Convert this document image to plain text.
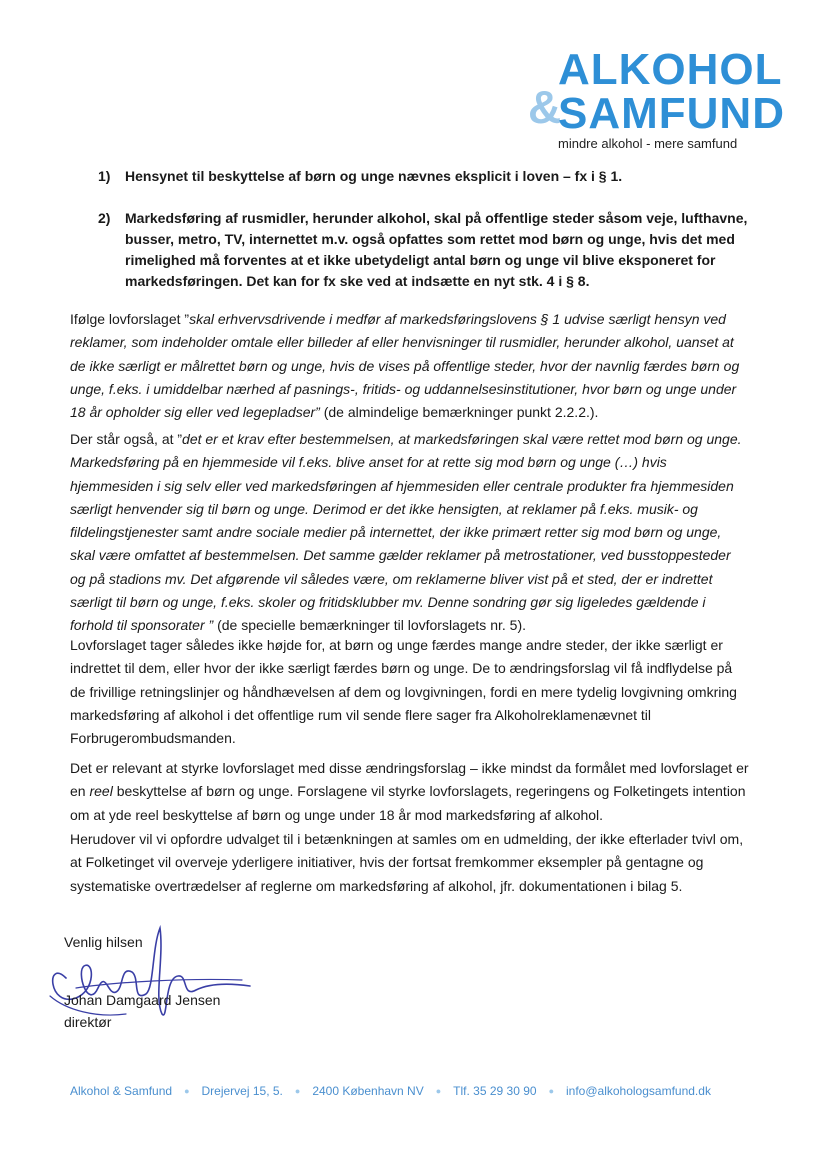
ALKOHOL
&
SAMFUND
mindre alkohol - mere samfund
1) Hensynet til beskyttelse af børn og unge nævnes eksplicit i loven – fx i § 1.
2) Markedsføring af rusmidler, herunder alkohol, skal på offentlige steder såsom veje, lufthavne, busser, metro, TV, internettet m.v. også opfattes som rettet mod børn og unge, hvis det med rimelighed må forventes at et ikke ubetydeligt antal børn og unge vil blive eksponeret for markedsføringen. Det kan for fx ske ved at indsætte en nyt stk. 4 i § 8.

Ifølge lovforslaget ”skal erhvervsdrivende i medfør af markedsføringslovens § 1 udvise særligt hensyn ved reklamer, som indeholder omtale eller billeder af eller henvisninger til rusmidler, herunder alkohol, uanset at de ikke særligt er målrettet børn og unge, hvis de vises på offentlige steder, hvor der navnlig færdes børn og unge, f.eks. i umiddelbar nærhed af pasnings-, fritids- og uddannelsesinstitutioner, hvor børn og unge under 18 år opholder sig eller ved legepladser” (de almindelige bemærkninger punkt 2.2.2.).

Der står også, at ”det er et krav efter bestemmelsen, at markedsføringen skal være rettet mod børn og unge. Markedsføring på en hjemmeside vil f.eks. blive anset for at rette sig mod børn og unge (…) hvis hjemmesiden i sig selv eller ved markedsføringen af hjemmesiden eller centrale produkter fra hjemmesiden særligt henvender sig til børn og unge. Derimod er det ikke hensigten, at reklamer på f.eks. musik- og fildelingstjenester samt andre sociale medier på internettet, der ikke primært retter sig mod børn og unge, skal være omfattet af bestemmelsen. Det samme gælder reklamer på metrostationer, ved busstoppesteder og på stadions mv. Det afgørende vil således være, om reklamerne bliver vist på et sted, der er indrettet særligt til børn og unge, f.eks. skoler og fritidsklubber mv. Denne sondring gør sig ligeledes gældende i forhold til sponsorater ” (de specielle bemærkninger til lovforslagets nr. 5).

Lovforslaget tager således ikke højde for, at børn og unge færdes mange andre steder, der ikke særligt er indrettet til dem, eller hvor der ikke særligt færdes børn og unge. De to ændringsforslag vil få indflydelse på de frivillige retningslinjer og håndhævelsen af dem og lovgivningen, fordi en mere tydelig lovgivning omkring markedsføring af alkohol i det offentlige rum vil sende flere sager fra Alkoholreklamenævnet til Forbrugerombudsmanden.

Det er relevant at styrke lovforslaget med disse ændringsforslag – ikke mindst da formålet med lovforslaget er en reel beskyttelse af børn og unge. Forslagene vil styrke lovforslagets, regeringens og Folketingets intention om at yde reel beskyttelse af børn og unge under 18 år mod markedsføring af alkohol.

Herudover vil vi opfordre udvalget til i betænkningen at samles om en udmelding, der ikke efterlader tvivl om, at Folketinget vil overveje yderligere initiativer, hvis der fortsat fremkommer eksempler på gentagne og systematiske overtrædelser af reglerne om markedsføring af alkohol, jfr. dokumentationen i bilag 5.

Venlig hilsen
Johan Damgaard Jensen
direktør
Alkohol & Samfund ● Drejervej 15, 5. ● 2400 København NV ● Tlf. 35 29 30 90 ● info@alkohologsamfund.dk
